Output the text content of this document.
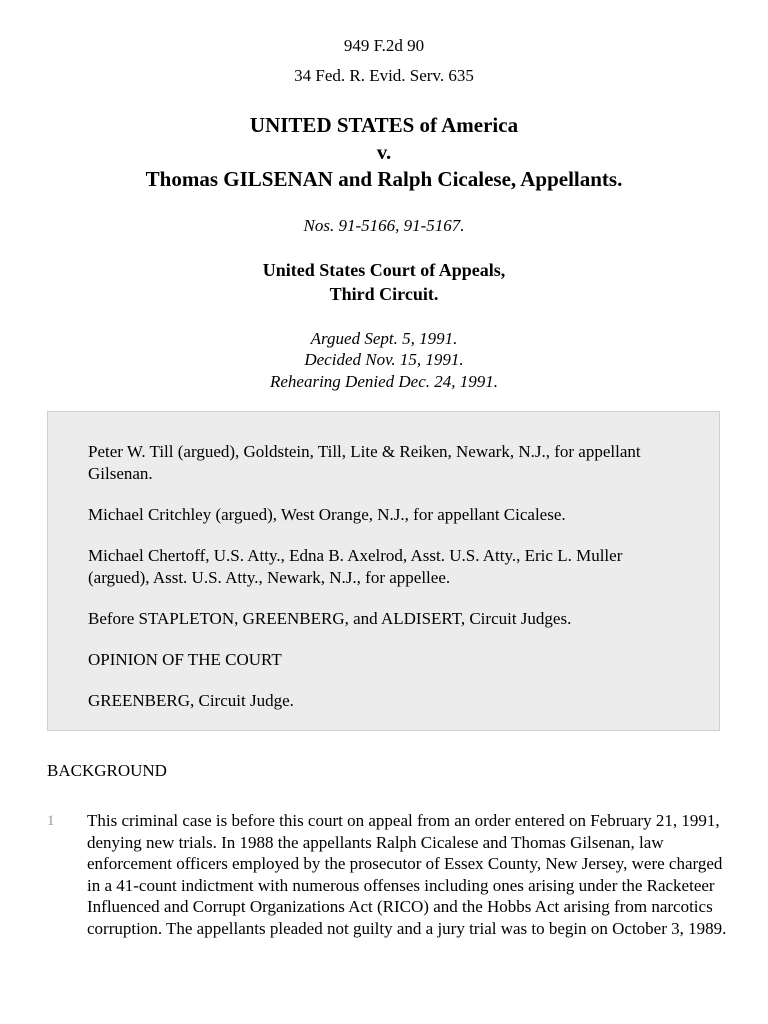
949 F.2d 90
34 Fed. R. Evid. Serv. 635
UNITED STATES of America
v.
Thomas GILSENAN and Ralph Cicalese, Appellants.
Nos. 91-5166, 91-5167.
United States Court of Appeals,
Third Circuit.
Argued Sept. 5, 1991.
Decided Nov. 15, 1991.
Rehearing Denied Dec. 24, 1991.
Peter W. Till (argued), Goldstein, Till, Lite & Reiken, Newark, N.J., for appellant Gilsenan.
Michael Critchley (argued), West Orange, N.J., for appellant Cicalese.
Michael Chertoff, U.S. Atty., Edna B. Axelrod, Asst. U.S. Atty., Eric L. Muller (argued), Asst. U.S. Atty., Newark, N.J., for appellee.
Before STAPLETON, GREENBERG, and ALDISERT, Circuit Judges.
OPINION OF THE COURT
GREENBERG, Circuit Judge.
BACKGROUND
1 This criminal case is before this court on appeal from an order entered on February 21, 1991, denying new trials. In 1988 the appellants Ralph Cicalese and Thomas Gilsenan, law enforcement officers employed by the prosecutor of Essex County, New Jersey, were charged in a 41-count indictment with numerous offenses including ones arising under the Racketeer Influenced and Corrupt Organizations Act (RICO) and the Hobbs Act arising from narcotics corruption. The appellants pleaded not guilty and a jury trial was to begin on October 3, 1989.
